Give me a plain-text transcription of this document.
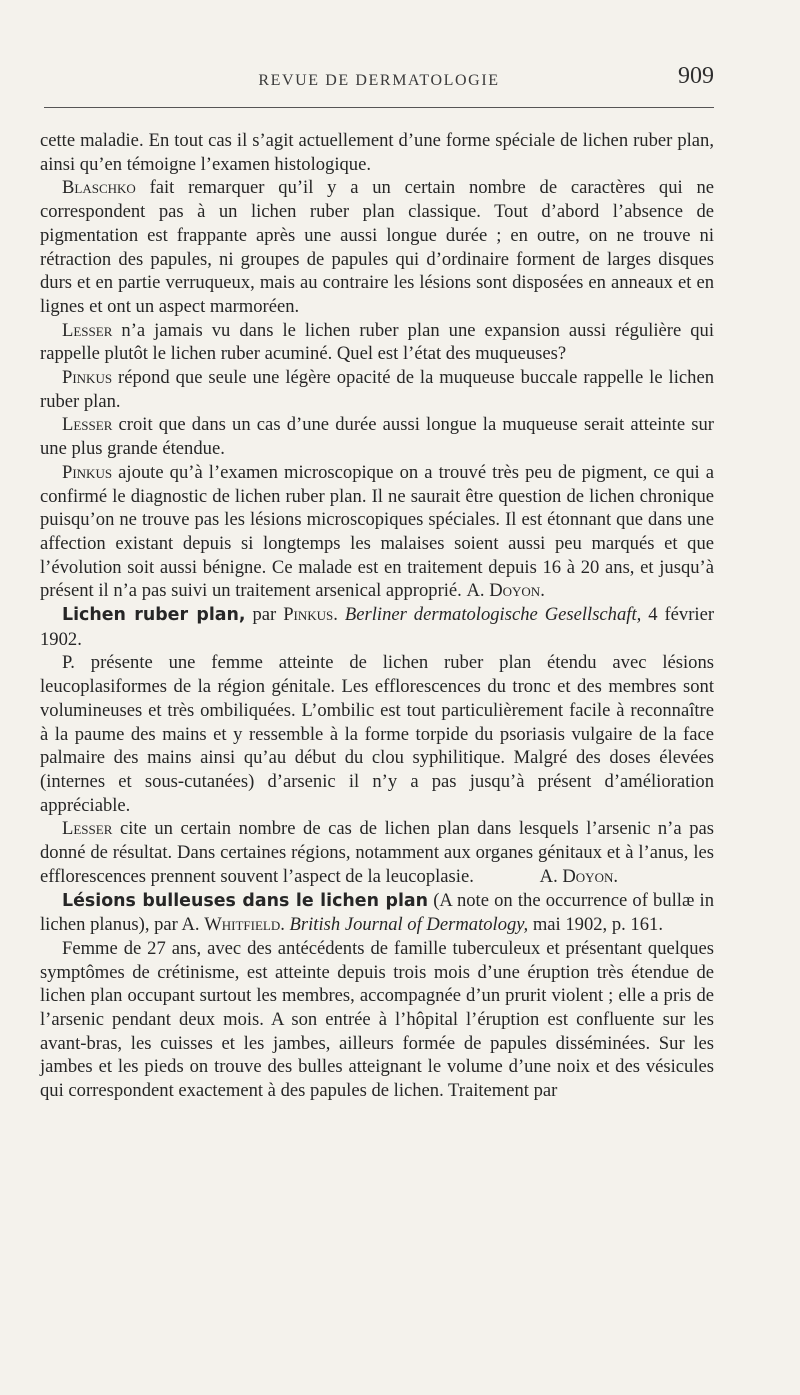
REVUE DE DERMATOLOGIE	909

cette maladie. En tout cas il s’agit actuellement d’une forme spéciale de lichen ruber plan, ainsi qu’en témoigne l’examen histologique.

Blaschko fait remarquer qu’il y a un certain nombre de caractères qui ne correspondent pas à un lichen ruber plan classique. Tout d’abord l’absence de pigmentation est frappante après une aussi longue durée ; en outre, on ne trouve ni rétraction des papules, ni groupes de papules qui d’ordinaire forment de larges disques durs et en partie verruqueux, mais au contraire les lésions sont disposées en anneaux et en lignes et ont un aspect marmoréen.

Lesser n’a jamais vu dans le lichen ruber plan une expansion aussi régulière qui rappelle plutôt le lichen ruber acuminé. Quel est l’état des muqueuses?

Pinkus répond que seule une légère opacité de la muqueuse buccale rappelle le lichen ruber plan.

Lesser croit que dans un cas d’une durée aussi longue la muqueuse serait atteinte sur une plus grande étendue.

Pinkus ajoute qu’à l’examen microscopique on a trouvé très peu de pigment, ce qui a confirmé le diagnostic de lichen ruber plan. Il ne saurait être question de lichen chronique puisqu’on ne trouve pas les lésions microscopiques spéciales. Il est étonnant que dans une affection existant depuis si longtemps les malaises soient aussi peu marqués et que l’évolution soit aussi bénigne. Ce malade est en traitement depuis 16 à 20 ans, et jusqu’à présent il n’a pas suivi un traitement arsenical approprié. A. Doyon.

Lichen ruber plan, par Pinkus. Berliner dermatologische Gesellschaft, 4 février 1902.

P. présente une femme atteinte de lichen ruber plan étendu avec lésions leucoplasiformes de la région génitale. Les efflorescences du tronc et des membres sont volumineuses et très ombiliquées. L’ombilic est tout particulièrement facile à reconnaître à la paume des mains et y ressemble à la forme torpide du psoriasis vulgaire de la face palmaire des mains ainsi qu’au début du clou syphilitique. Malgré des doses élevées (internes et sous-cutanées) d’arsenic il n’y a pas jusqu’à présent d’amélioration appréciable.

Lesser cite un certain nombre de cas de lichen plan dans lesquels l’arsenic n’a pas donné de résultat. Dans certaines régions, notamment aux organes génitaux et à l’anus, les efflorescences prennent souvent l’aspect de la leucoplasie.	A. Doyon.

Lésions bulleuses dans le lichen plan (A note on the occurrence of bullæ in lichen planus), par A. Whitfield. British Journal of Dermatology, mai 1902, p. 161.

Femme de 27 ans, avec des antécédents de famille tuberculeux et présentant quelques symptômes de crétinisme, est atteinte depuis trois mois d’une éruption très étendue de lichen plan occupant surtout les membres, accompagnée d’un prurit violent ; elle a pris de l’arsenic pendant deux mois. A son entrée à l’hôpital l’éruption est confluente sur les avant-bras, les cuisses et les jambes, ailleurs formée de papules disséminées. Sur les jambes et les pieds on trouve des bulles atteignant le volume d’une noix et des vésicules qui correspondent exactement à des papules de lichen. Traitement par
